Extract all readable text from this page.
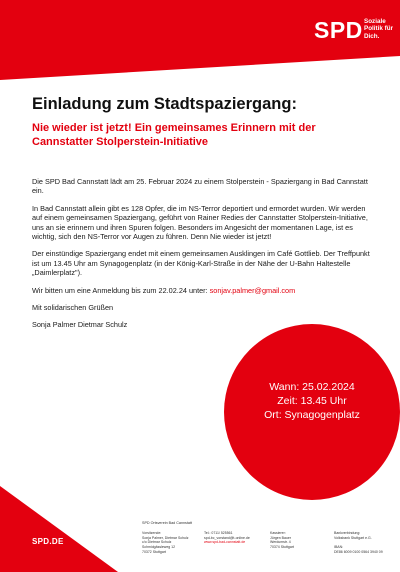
SPD Soziale
Politik für
Dich.
Einladung zum Stadtspaziergang:
Nie wieder ist jetzt! Ein gemeinsames Erinnern mit der Cannstatter Stolperstein-Initiative

Die SPD Bad Cannstatt lädt am 25. Februar 2024 zu einem Stolperstein - Spaziergang in Bad Cannstatt ein.

In Bad Cannstatt allein gibt es 128 Opfer, die im NS-Terror deportiert und ermordet wurden. Wir werden auf einem gemeinsamen Spaziergang, geführt von Rainer Redies der Cannstatter Stolperstein-Initiative, uns an sie erinnern und ihren Spuren folgen. Besonders im Angesicht der momentanen Lage, ist es wichtig, sich den NS-Terror vor Augen zu führen. Denn Nie wieder ist jetzt!

Der einstündige Spaziergang endet mit einem gemeinsamen Ausklingen im Café Gottlieb. Der Treffpunkt ist um 13.45 Uhr am Synagogenplatz (in der König-Karl-Straße in der Nähe der U-Bahn Haltestelle „Daimlerplatz").

Wir bitten um eine Anmeldung bis zum 22.02.24 unter: sonjav.palmer@gmail.com

Mit solidarischen Grüßen

Sonja Palmer Dietmar Schulz

Wann: 25.02.2024
Zeit: 13.45 Uhr
Ort: Synagogenplatz
SPD.DE
SPD Ortsverein Bad Cannstatt
Vorsitzende:
Sonja Palmer, Dietmar Schulz
c/o Dietmar Schulz
Schmidgässleweg 12
70372 Stuttgart
Tel.: 0711/ 525561
spd-bc_vorstand@t-online.de
www.spd-bad-cannstatt.de
Kassierer:
Jürgen Bauer
Werdumstr. 4
70374 Stuttgart
Bankverbindung:
Volksbank Stuttgart e.G.

IBAN:
DE86 6009 0100 0564 3940 09
